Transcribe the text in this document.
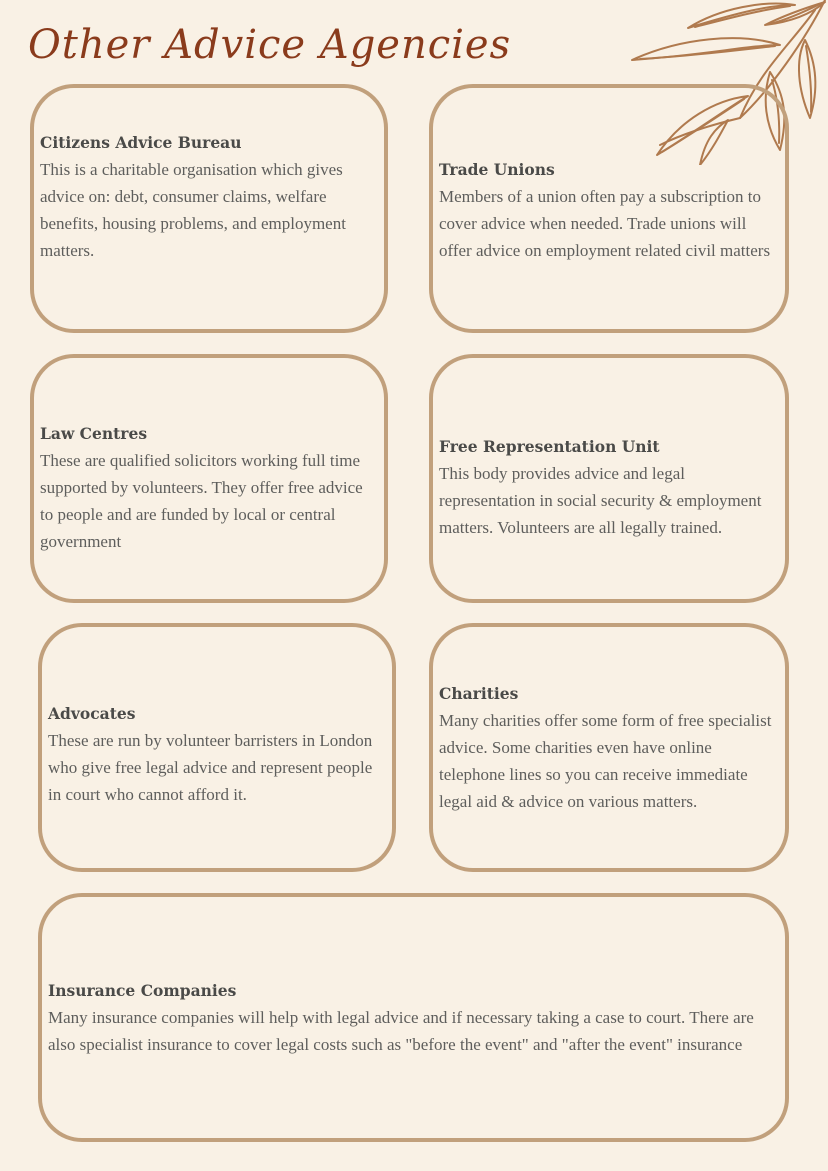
Other Advice Agencies
Citizens Advice Bureau

This is a charitable organisation which gives advice on: debt, consumer claims, welfare benefits, housing problems, and employment matters.

Trade Unions

Members of a union often pay a subscription to cover advice when needed. Trade unions will offer advice on employment related civil matters

Law Centres

These are qualified solicitors working full time supported by volunteers. They offer free advice to people and are funded by local or central government

Free Representation Unit

This body provides advice and legal representation in social security & employment matters. Volunteers are all legally trained.

Advocates

These are run by volunteer barristers in London who give free legal advice and represent people in court who cannot afford it.

Charities

Many charities offer some form of free specialist advice. Some charities even have online telephone lines so you can receive immediate legal aid & advice on various matters.

Insurance Companies

Many insurance companies will help with legal advice and if necessary taking a case to court. There are also specialist insurance to cover legal costs such as "before the event" and "after the event" insurance
